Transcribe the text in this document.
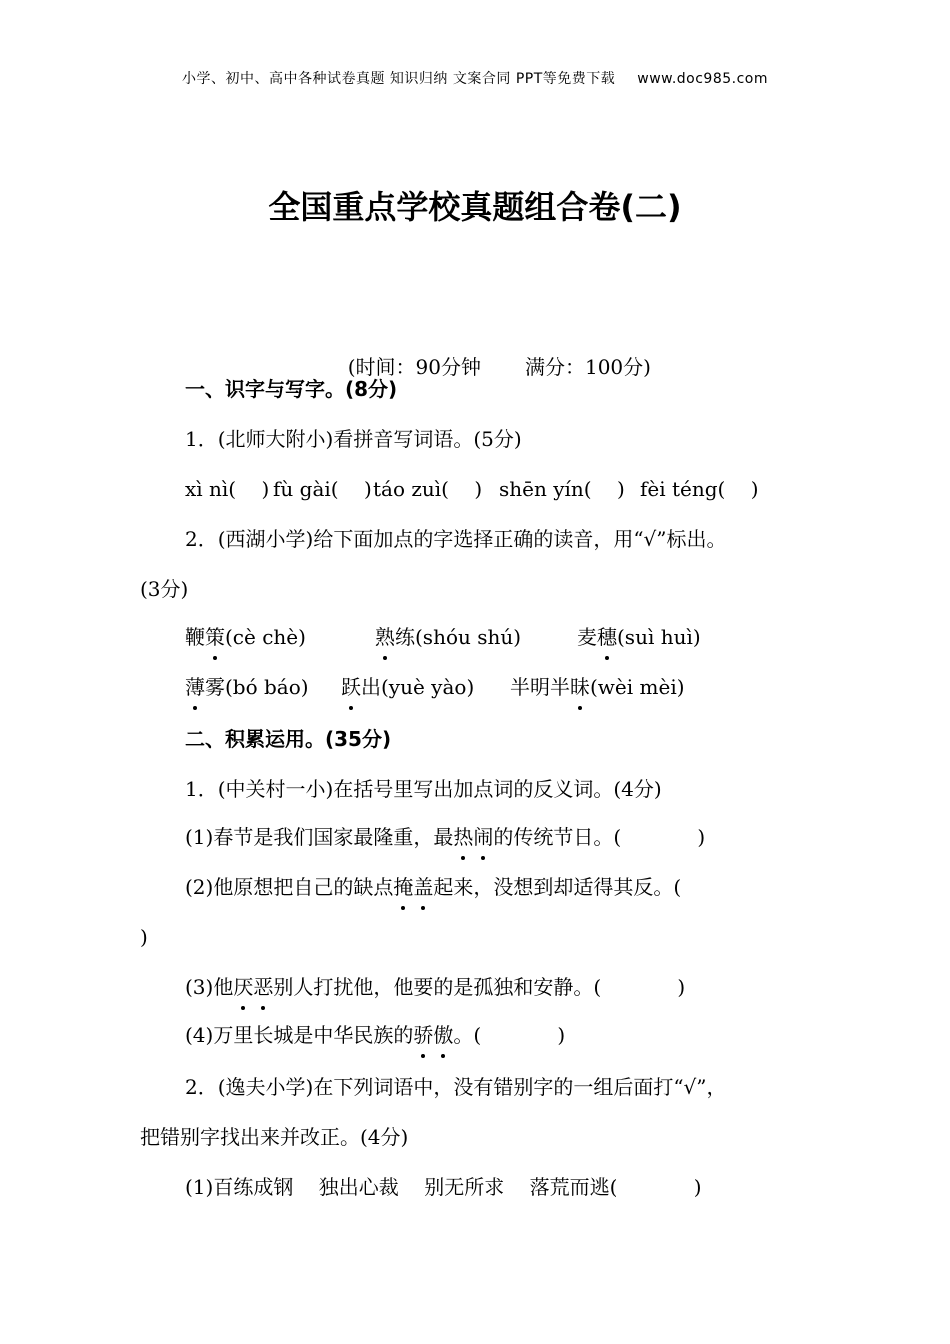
小学、初中、高中各种试卷真题 知识归纳 文案合同 PPT等免费下载 www.doc985.com
全国重点学校真题组合卷(二)

(时间：90分钟 满分：100分)

一、识字与写字。(8分)
1．(北师大附小)看拼音写词语。(5分)
xì nì(    ) fù gài(    ) táo zuì(    ) shēn yín(    ) fèi téng(    )
2．(西湖小学)给下面加点的字选择正确的读音，用“√”标出。
(3分)
鞭策(cè chè)	熟练(shóu shú)	麦穗(suì huì)
薄雾(bó báo) 跃出(yuè yào) 半明半昧(wèi mèi)
二、积累运用。(35分)
1．(中关村一小)在括号里写出加点词的反义词。(4分)
(1)春节是我们国家最隆重，最热闹的传统节日。(            )
(2)他原想把自己的缺点掩盖起来，没想到却适得其反。(
)
(3)他厌恶别人打扰他，他要的是孤独和安静。(            )
(4)万里长城是中华民族的骄傲。(            )
2．(逸夫小学)在下列词语中，没有错别字的一组后面打“√”，
把错别字找出来并改正。(4分)
(1)百练成钢    独出心裁    别无所求    落荒而逃(            )
